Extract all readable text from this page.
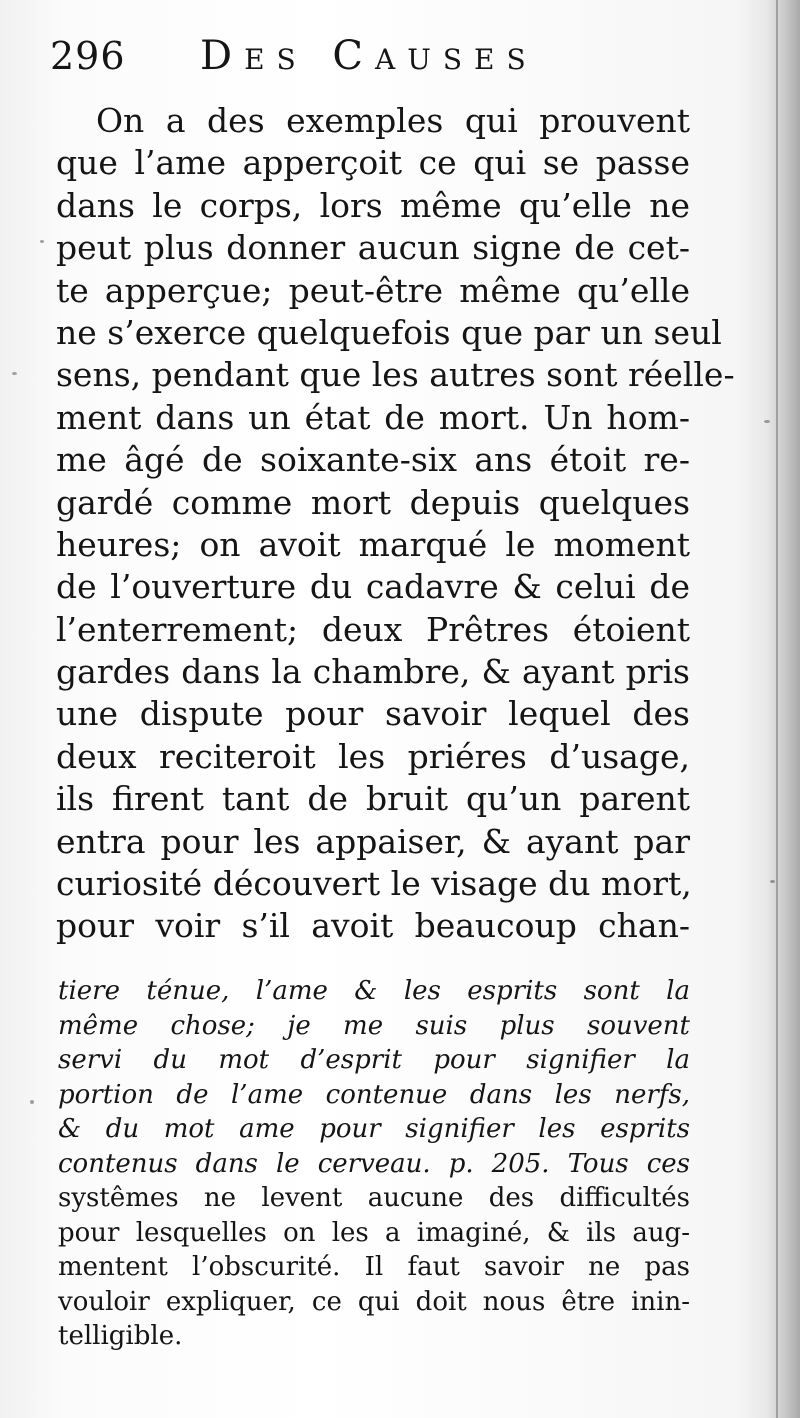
296 Des Causes
On a des exemples qui prouvent
que l’ame apperçoit ce qui se passe
dans le corps, lors même qu’elle ne
peut plus donner aucun signe de cet-
te apperçue; peut-être même qu’elle
ne s’exerce quelquefois que par un seul
sens, pendant que les autres sont réelle-
ment dans un état de mort. Un hom-
me âgé de soixante-six ans étoit re-
gardé comme mort depuis quelques
heures; on avoit marqué le moment
de l’ouverture du cadavre & celui de
l’enterrement; deux Prêtres étoient
gardes dans la chambre, & ayant pris
une dispute pour savoir lequel des
deux reciteroit les priéres d’usage,
ils firent tant de bruit qu’un parent
entra pour les appaiser, & ayant par
curiosité découvert le visage du mort,
pour voir s’il avoit beaucoup chan-
tiere ténue, l’ame & les esprits sont la
même chose; je me suis plus souvent
servi du mot d’esprit pour signifier la
portion de l’ame contenue dans les nerfs,
& du mot ame pour signifier les esprits
contenus dans le cerveau. p. 205. Tous ces
systêmes ne levent aucune des difficultés
pour lesquelles on les a imaginé, & ils aug-
mentent l’obscurité. Il faut savoir ne pas
vouloir expliquer, ce qui doit nous être inin-
telligible.
